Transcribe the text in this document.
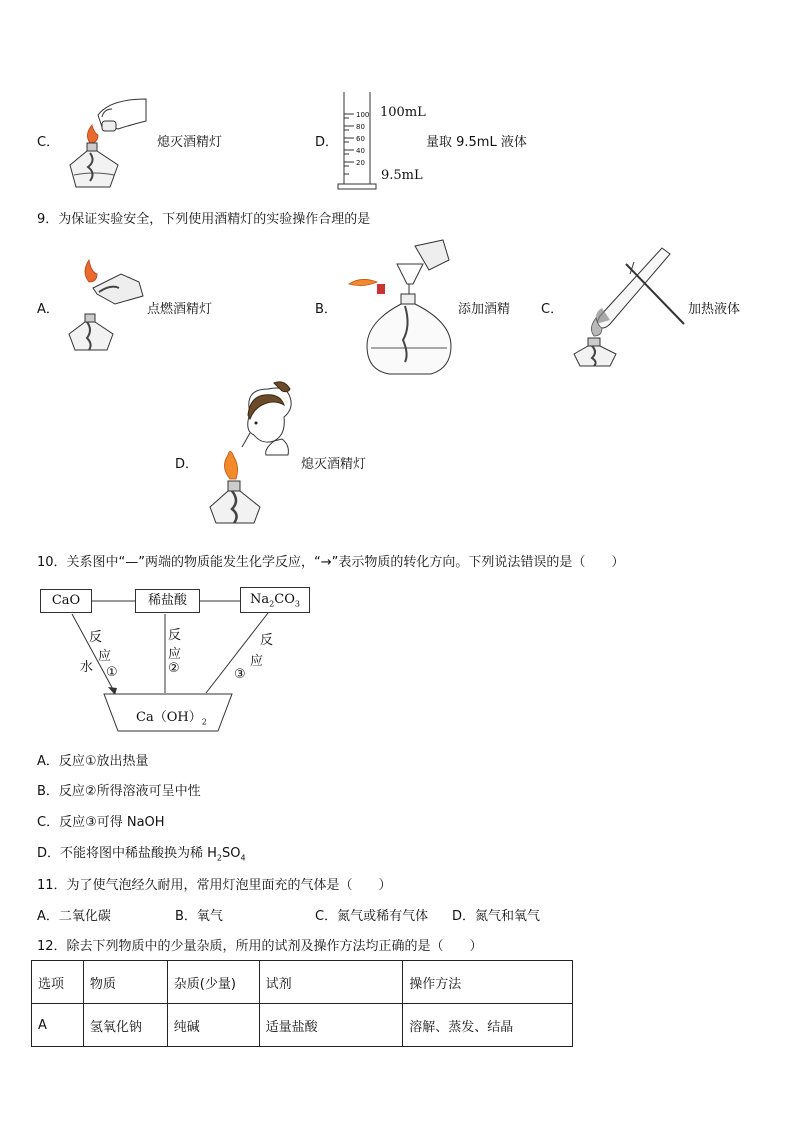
C．	熄灭酒精灯	D．
100
80
60
40
20
100mL
9.5mL
量取 9.5mL 液体
9．为保证实验安全，下列使用酒精灯的实验操作合理的是
A．	点燃酒精灯	B．	添加酒精 C．	加热液体
D．	熄灭酒精灯
10．关系图中“—”两端的物质能发生化学反应，“→”表示物质的转化方向。下列说法错误的是（　　）
CaO	稀盐酸	$Na_2CO_3$
$Ca(OH)_2$
反
应
水 ①
反
应
②
反
应
③
A．反应①放出热量
B．反应②所得溶液可呈中性
C．反应③可得 NaOH
D．不能将图中稀盐酸换为稀 $H_2SO_4$
11．为了使气泡经久耐用，常用灯泡里面充的气体是（　　）
A．二氧化碳	B．氧气	C．氮气或稀有气体 D．氮气和氧气
12．除去下列物质中的少量杂质，所用的试剂及操作方法均正确的是（　　）
选项	物质	杂质(少量)	试剂	操作方法
A	氢氧化钠	纯碱	适量盐酸	溶解、蒸发、结晶
